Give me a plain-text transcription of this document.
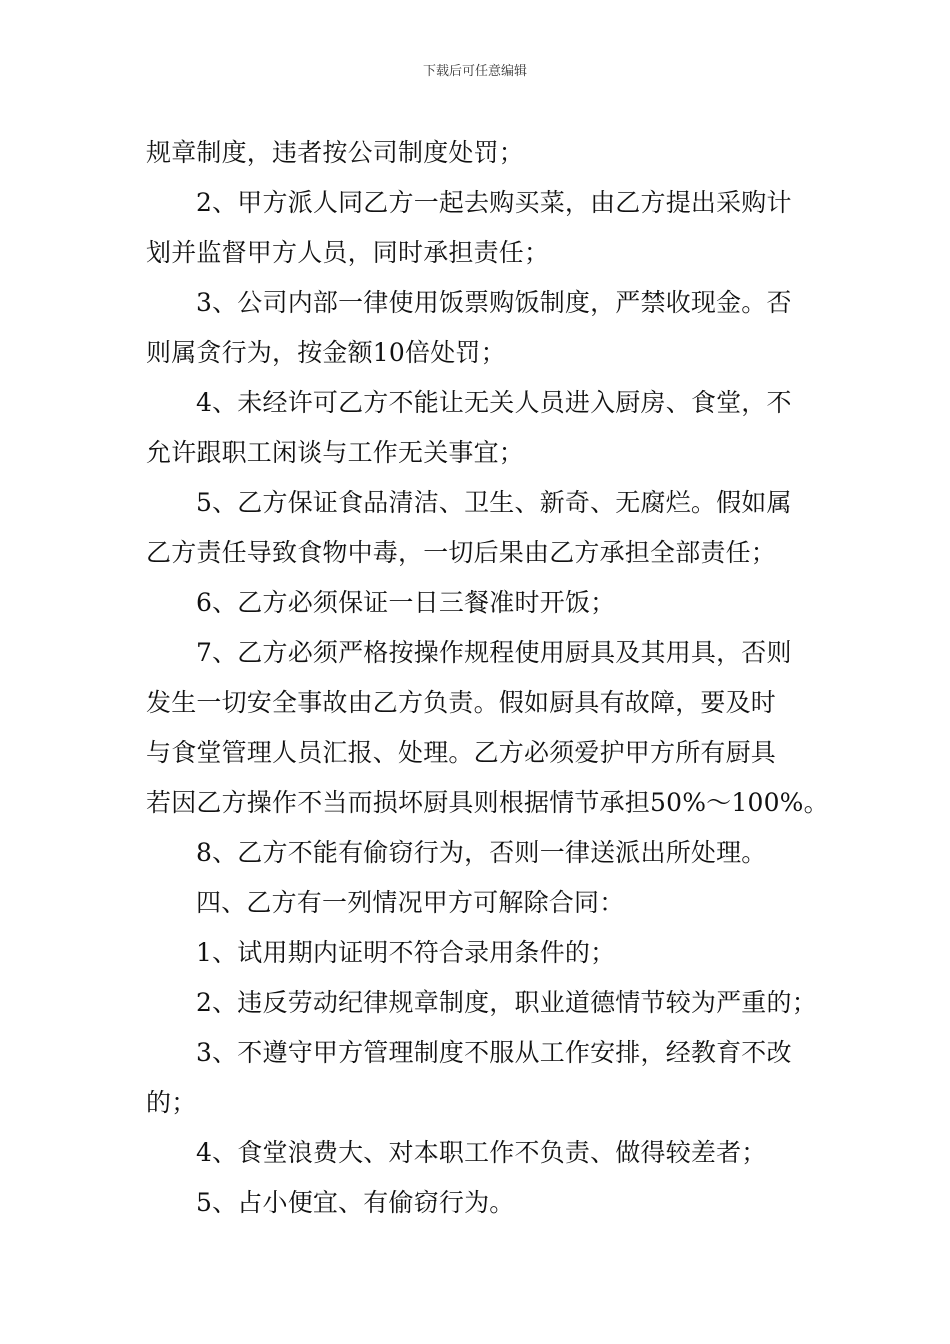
下载后可任意编辑
规章制度，违者按公司制度处罚；
2、甲方派人同乙方一起去购买菜，由乙方提出采购计
划并监督甲方人员，同时承担责任；
3、公司内部一律使用饭票购饭制度，严禁收现金。否
则属贪行为，按金额10倍处罚；
4、未经许可乙方不能让无关人员进入厨房、食堂，不
允许跟职工闲谈与工作无关事宜；
5、乙方保证食品清洁、卫生、新奇、无腐烂。假如属
乙方责任导致食物中毒，一切后果由乙方承担全部责任；
6、乙方必须保证一日三餐准时开饭；
7、乙方必须严格按操作规程使用厨具及其用具，否则
发生一切安全事故由乙方负责。假如厨具有故障，要及时
与食堂管理人员汇报、处理。乙方必须爱护甲方所有厨具
若因乙方操作不当而损坏厨具则根据情节承担50%～100%。
8、乙方不能有偷窃行为，否则一律送派出所处理。
四、乙方有一列情况甲方可解除合同：
1、试用期内证明不符合录用条件的；
2、违反劳动纪律规章制度，职业道德情节较为严重的；
3、不遵守甲方管理制度不服从工作安排，经教育不改
的；
4、食堂浪费大、对本职工作不负责、做得较差者；
5、占小便宜、有偷窃行为。
